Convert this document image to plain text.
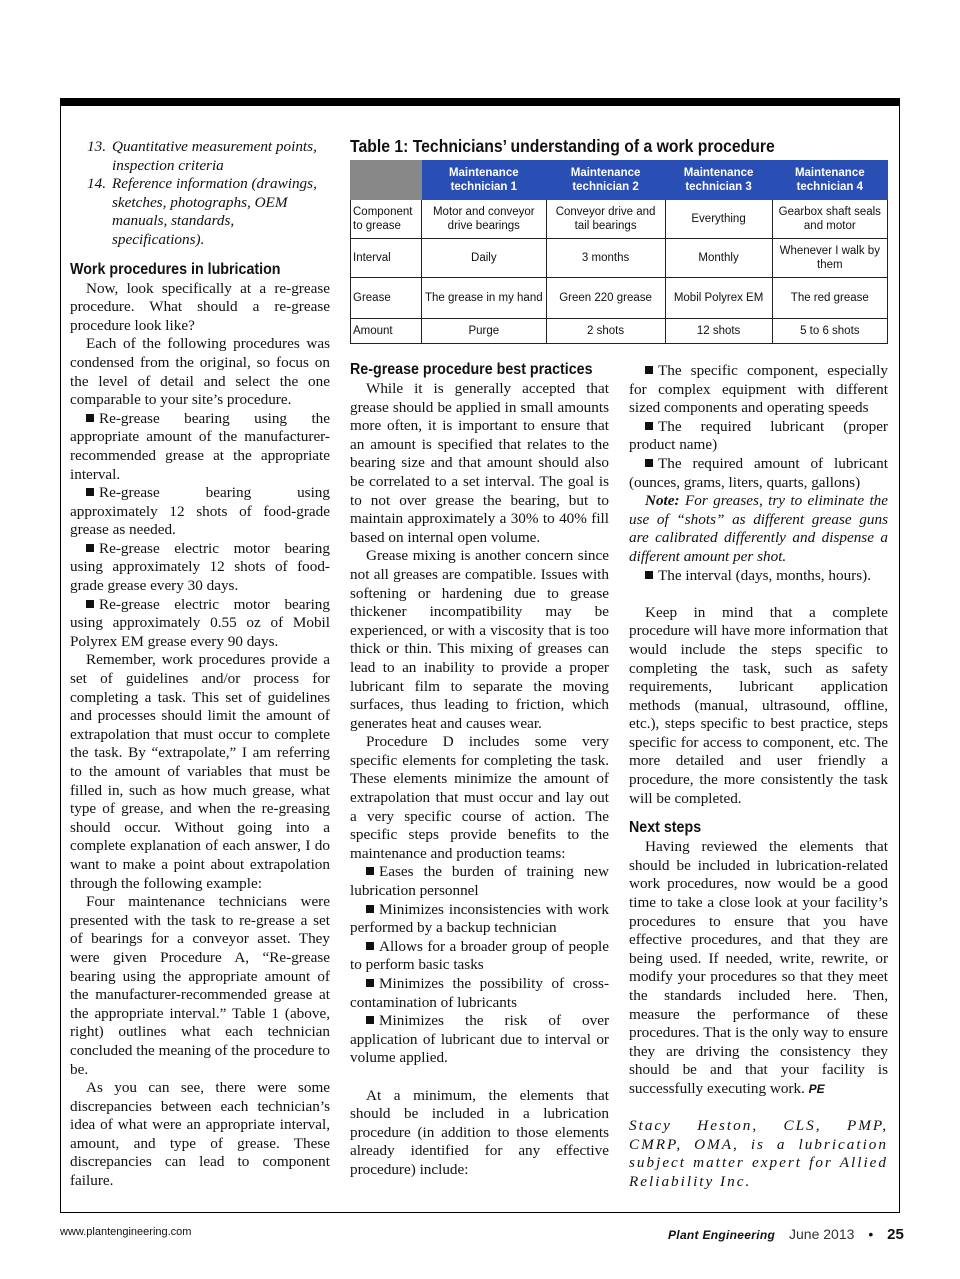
13. Quantitative measurement points, inspection criteria
14. Reference information (drawings, sketches, photographs, OEM manuals, standards, specifications).
Work procedures in lubrication

Now, look specifically at a re-grease procedure. What should a re-grease procedure look like?

Each of the following procedures was condensed from the original, so focus on the level of detail and select the one comparable to your site’s procedure.

Re-grease bearing using the appropriate amount of the manufacturer-recommended grease at the appropriate interval.

Re-grease bearing using approximately 12 shots of food-grade grease as needed.

Re-grease electric motor bearing using approximately 12 shots of food-grade grease every 30 days.

Re-grease electric motor bearing using approximately 0.55 oz of Mobil Polyrex EM grease every 90 days.

Remember, work procedures provide a set of guidelines and/or process for completing a task. This set of guidelines and processes should limit the amount of extrapolation that must occur to complete the task. By “extrapolate,” I am referring to the amount of variables that must be filled in, such as how much grease, what type of grease, and when the re-greasing should occur. Without going into a complete explanation of each answer, I do want to make a point about extrapolation through the following example:

Four maintenance technicians were presented with the task to re-grease a set of bearings for a conveyor asset. They were given Procedure A, “Re-grease bearing using the appropriate amount of the manufacturer-recommended grease at the appropriate interval.” Table 1 (above, right) outlines what each technician concluded the meaning of the procedure to be.

As you can see, there were some discrepancies between each technician’s idea of what were an appropriate interval, amount, and type of grease. These discrepancies can lead to component failure.

Table 1: Technicians’ understanding of a work procedure
	Maintenance technician 1	Maintenance technician 2	Maintenance technician 3	Maintenance technician 4
Component to grease	Motor and conveyor drive bearings	Conveyor drive and tail bearings	Everything	Gearbox shaft seals and motor
Interval	Daily	3 months	Monthly	Whenever I walk by them
Grease	The grease in my hand	Green 220 grease	Mobil Polyrex EM	The red grease
Amount	Purge	2 shots	12 shots	5 to 6 shots
Re-grease procedure best practices

While it is generally accepted that grease should be applied in small amounts more often, it is important to ensure that an amount is specified that relates to the bearing size and that amount should also be correlated to a set interval. The goal is to not over grease the bearing, but to maintain approximately a 30% to 40% fill based on internal open volume.

Grease mixing is another concern since not all greases are compatible. Issues with softening or hardening due to grease thickener incompatibility may be experienced, or with a viscosity that is too thick or thin. This mixing of greases can lead to an inability to provide a proper lubricant film to separate the moving surfaces, thus leading to friction, which generates heat and causes wear.

Procedure D includes some very specific elements for completing the task. These elements minimize the amount of extrapolation that must occur and lay out a very specific course of action. The specific steps provide benefits to the maintenance and production teams:

Eases the burden of training new lubrication personnel

Minimizes inconsistencies with work performed by a backup technician

Allows for a broader group of people to perform basic tasks

Minimizes the possibility of cross-contamination of lubricants

Minimizes the risk of over application of lubricant due to interval or volume applied.

At a minimum, the elements that should be included in a lubrication procedure (in addition to those elements already identified for any effective procedure) include:

The specific component, especially for complex equipment with different sized components and operating speeds

The required lubricant (proper product name)

The required amount of lubricant (ounces, grams, liters, quarts, gallons)

Note: For greases, try to eliminate the use of “shots” as different grease guns are calibrated differently and dispense a different amount per shot.

The interval (days, months, hours).

Keep in mind that a complete procedure will have more information that would include the steps specific to completing the task, such as safety requirements, lubricant application methods (manual, ultrasound, offline, etc.), steps specific to best practice, steps specific for access to component, etc. The more detailed and user friendly a procedure, the more consistently the task will be completed.

Next steps

Having reviewed the elements that should be included in lubrication-related work procedures, now would be a good time to take a close look at your facility’s procedures to ensure that you have effective procedures, and that they are being used. If needed, write, rewrite, or modify your procedures so that they meet the standards included here. Then, measure the performance of these procedures. That is the only way to ensure they are driving the consistency they should be and that your facility is successfully executing work. PE

Stacy Heston, CLS, PMP, CMRP, OMA, is a lubrication subject matter expert for Allied Reliability Inc.

www.plantengineering.com	Plant Engineering June 2013 • 25
